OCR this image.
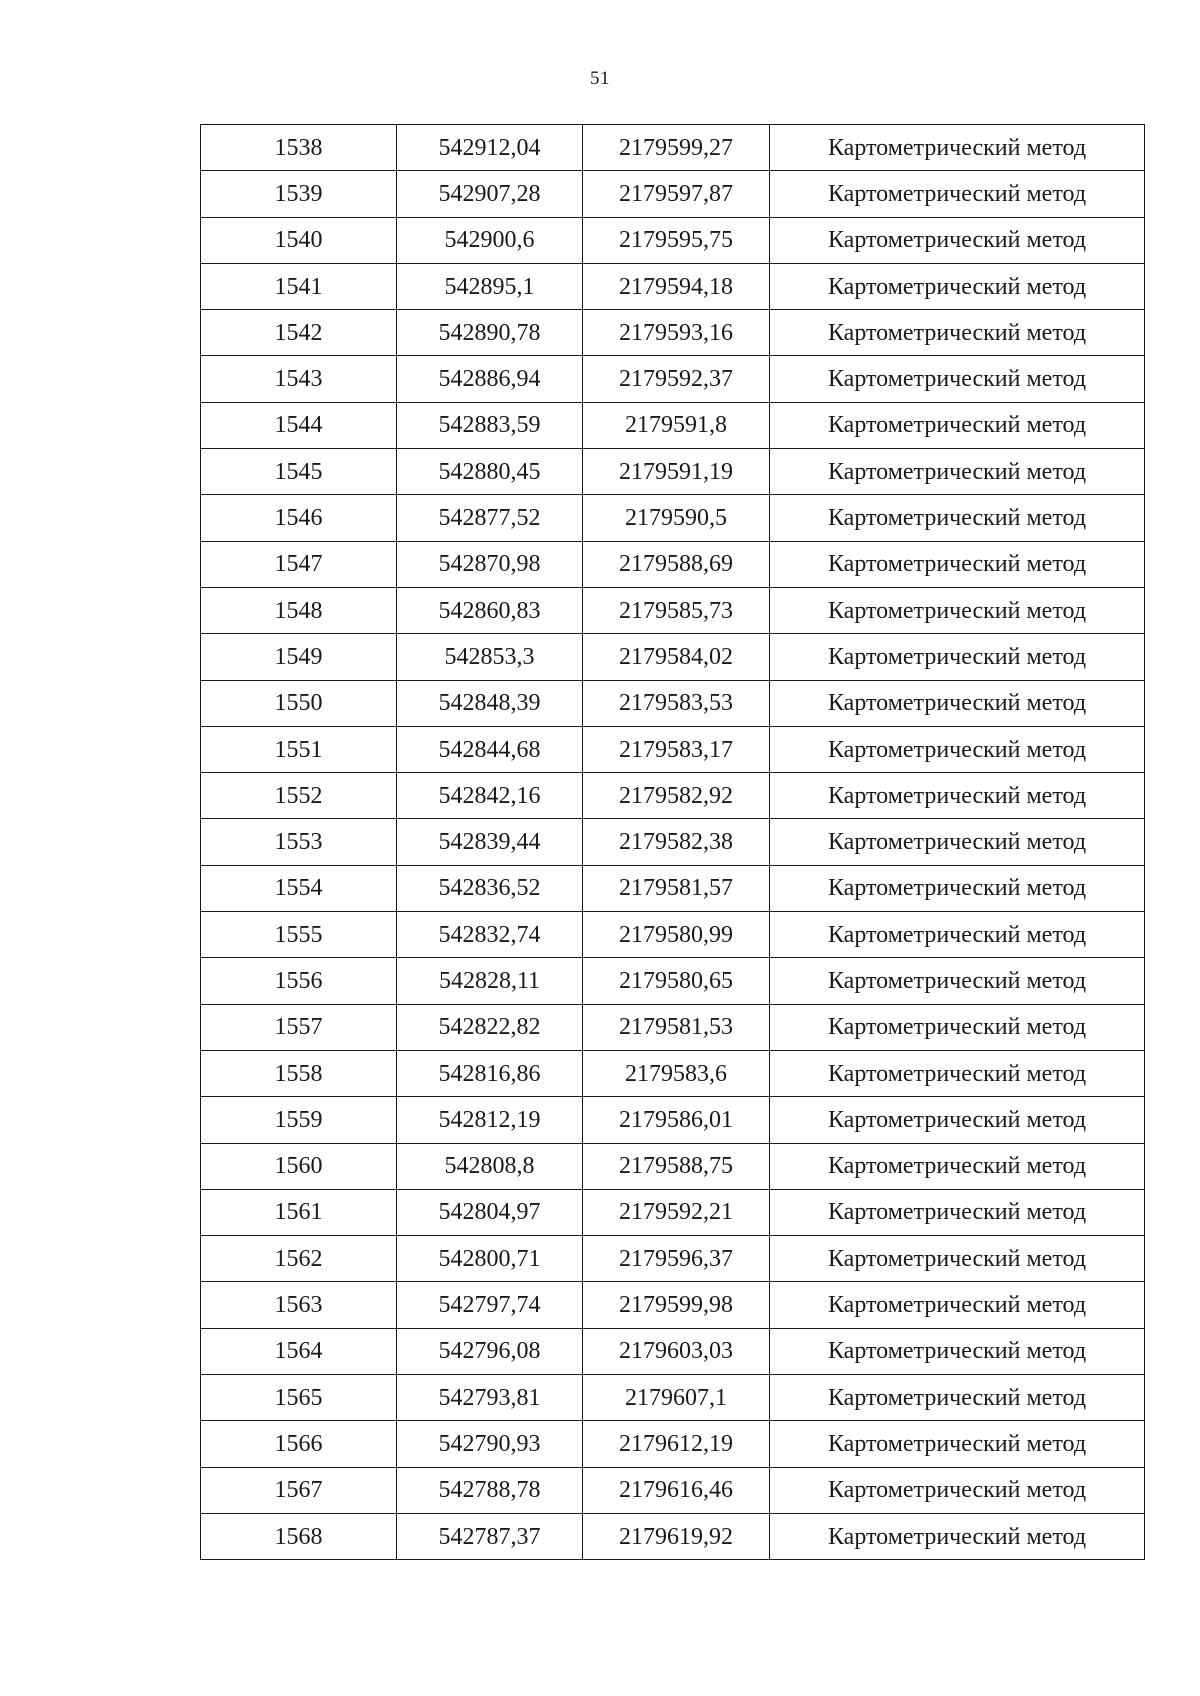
51
1538	542912,04	2179599,27	Картометрический метод
1539	542907,28	2179597,87	Картометрический метод
1540	542900,6	2179595,75	Картометрический метод
1541	542895,1	2179594,18	Картометрический метод
1542	542890,78	2179593,16	Картометрический метод
1543	542886,94	2179592,37	Картометрический метод
1544	542883,59	2179591,8	Картометрический метод
1545	542880,45	2179591,19	Картометрический метод
1546	542877,52	2179590,5	Картометрический метод
1547	542870,98	2179588,69	Картометрический метод
1548	542860,83	2179585,73	Картометрический метод
1549	542853,3	2179584,02	Картометрический метод
1550	542848,39	2179583,53	Картометрический метод
1551	542844,68	2179583,17	Картометрический метод
1552	542842,16	2179582,92	Картометрический метод
1553	542839,44	2179582,38	Картометрический метод
1554	542836,52	2179581,57	Картометрический метод
1555	542832,74	2179580,99	Картометрический метод
1556	542828,11	2179580,65	Картометрический метод
1557	542822,82	2179581,53	Картометрический метод
1558	542816,86	2179583,6	Картометрический метод
1559	542812,19	2179586,01	Картометрический метод
1560	542808,8	2179588,75	Картометрический метод
1561	542804,97	2179592,21	Картометрический метод
1562	542800,71	2179596,37	Картометрический метод
1563	542797,74	2179599,98	Картометрический метод
1564	542796,08	2179603,03	Картометрический метод
1565	542793,81	2179607,1	Картометрический метод
1566	542790,93	2179612,19	Картометрический метод
1567	542788,78	2179616,46	Картометрический метод
1568	542787,37	2179619,92	Картометрический метод
